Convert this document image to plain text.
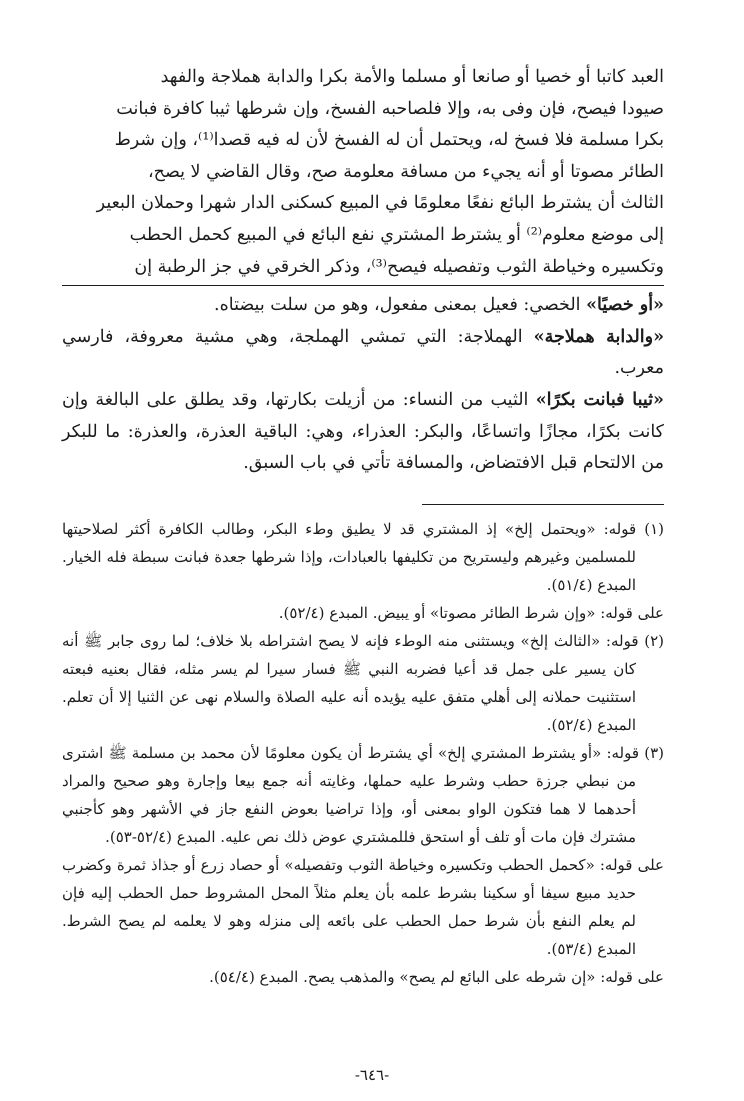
العبد كاتبا أو خصيا أو صانعا أو مسلما والأمة بكرا والدابة هملاجة والفهد

صيودا فيصح، فإن وفى به، وإلا فلصاحبه الفسخ، وإن شرطها ثيبا كافرة فبانت

بكرا مسلمة فلا فسخ له، ويحتمل أن له الفسخ لأن له فيه قصدا⁽¹⁾، وإن شرط

الطائر مصوتا أو أنه يجيء من مسافة معلومة صح، وقال القاضي لا يصح،

الثالث أن يشترط البائع نفعًا معلومًا في المبيع كسكنى الدار شهرا وحملان البعير

إلى موضع معلوم⁽²⁾ أو يشترط المشتري نفع البائع في المبيع كحمل الحطب

وتكسيره وخياطة الثوب وتفصيله فيصح⁽³⁾، وذكر الخرقي في جز الرطبة إن

«أو خصيًا» الخصي: فعيل بمعنى مفعول، وهو من سلت بيضتاه.

«والدابة هملاجة» الهملاجة: التي تمشي الهملجة، وهي مشية معروفة، فارسي معرب.

«ثيبا فبانت بكرًا» الثيب من النساء: من أزيلت بكارتها، وقد يطلق على البالغة وإن كانت بكرًا، مجازًا واتساعًا، والبكر: العذراء، وهي: الباقية العذرة، والعذرة: ما للبكر من الالتحام قبل الافتضاض، والمسافة تأتي في باب السبق.

(١) قوله: «ويحتمل إلخ» إذ المشتري قد لا يطيق وطء البكر، وطالب الكافرة أكثر لصلاحيتها للمسلمين وغيرهم وليستريح من تكليفها بالعبادات، وإذا شرطها جعدة فبانت سبطة فله الخيار. المبدع (٥١/٤).

على قوله: «وإن شرط الطائر مصوتا» أو يبيض. المبدع (٥٢/٤).

(٢) قوله: «الثالث إلخ» ويستثنى منه الوطء فإنه لا يصح اشتراطه بلا خلاف؛ لما روى جابر ﷺ أنه كان يسير على جمل قد أعيا فضربه النبي ﷺ فسار سيرا لم يسر مثله، فقال بعنيه فبعته استثنيت حملانه إلى أهلي متفق عليه يؤيده أنه عليه الصلاة والسلام نهى عن الثنيا إلا أن تعلم. المبدع (٥٢/٤).

(٣) قوله: «أو يشترط المشتري إلخ» أي يشترط أن يكون معلومًا لأن محمد بن مسلمة ﷺ اشترى من نبطي جرزة حطب وشرط عليه حملها، وغايته أنه جمع بيعا وإجارة وهو صحيح والمراد أحدهما لا هما فتكون الواو بمعنى أو، وإذا تراضيا بعوض النفع جاز في الأشهر وهو كأجنبي مشترك فإن مات أو تلف أو استحق فللمشتري عوض ذلك نص عليه. المبدع (٥٢/٤-٥٣).

على قوله: «كحمل الحطب وتكسيره وخياطة الثوب وتفصيله» أو حصاد زرع أو جذاذ ثمرة وكضرب حديد مبيع سيفا أو سكينا بشرط علمه بأن يعلم مثلاً المحل المشروط حمل الحطب إليه فإن لم يعلم النفع بأن شرط حمل الحطب على بائعه إلى منزله وهو لا يعلمه لم يصح الشرط. المبدع (٥٣/٤).

على قوله: «إن شرطه على البائع لم يصح» والمذهب يصح. المبدع (٥٤/٤).

-٦٤٦-
